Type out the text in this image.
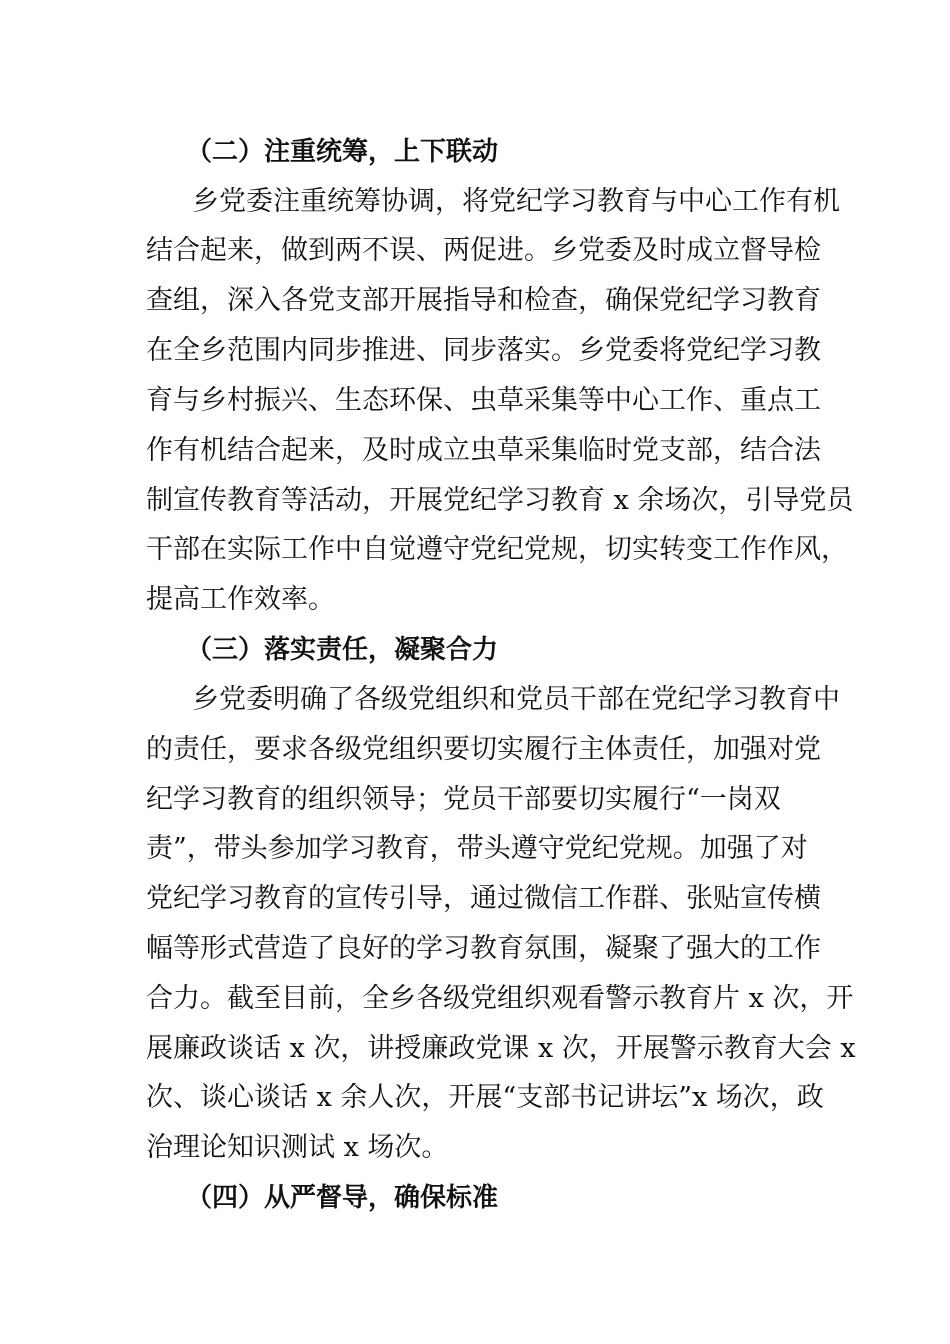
（二）注重统筹，上下联动
乡党委注重统筹协调，将党纪学习教育与中心工作有机
结合起来，做到两不误、两促进。乡党委及时成立督导检
查组，深入各党支部开展指导和检查，确保党纪学习教育
在全乡范围内同步推进、同步落实。乡党委将党纪学习教
育与乡村振兴、生态环保、虫草采集等中心工作、重点工
作有机结合起来，及时成立虫草采集临时党支部，结合法
制宣传教育等活动，开展党纪学习教育 x 余场次，引导党员
干部在实际工作中自觉遵守党纪党规，切实转变工作作风，
提高工作效率。
（三）落实责任，凝聚合力
乡党委明确了各级党组织和党员干部在党纪学习教育中
的责任，要求各级党组织要切实履行主体责任，加强对党
纪学习教育的组织领导；党员干部要切实履行“一岗双
责”，带头参加学习教育，带头遵守党纪党规。加强了对
党纪学习教育的宣传引导，通过微信工作群、张贴宣传横
幅等形式营造了良好的学习教育氛围，凝聚了强大的工作
合力。截至目前，全乡各级党组织观看警示教育片 x 次，开
展廉政谈话 x 次，讲授廉政党课 x 次，开展警示教育大会 x
次、谈心谈话 x 余人次，开展“支部书记讲坛”x 场次，政
治理论知识测试 x 场次。
（四）从严督导，确保标准
